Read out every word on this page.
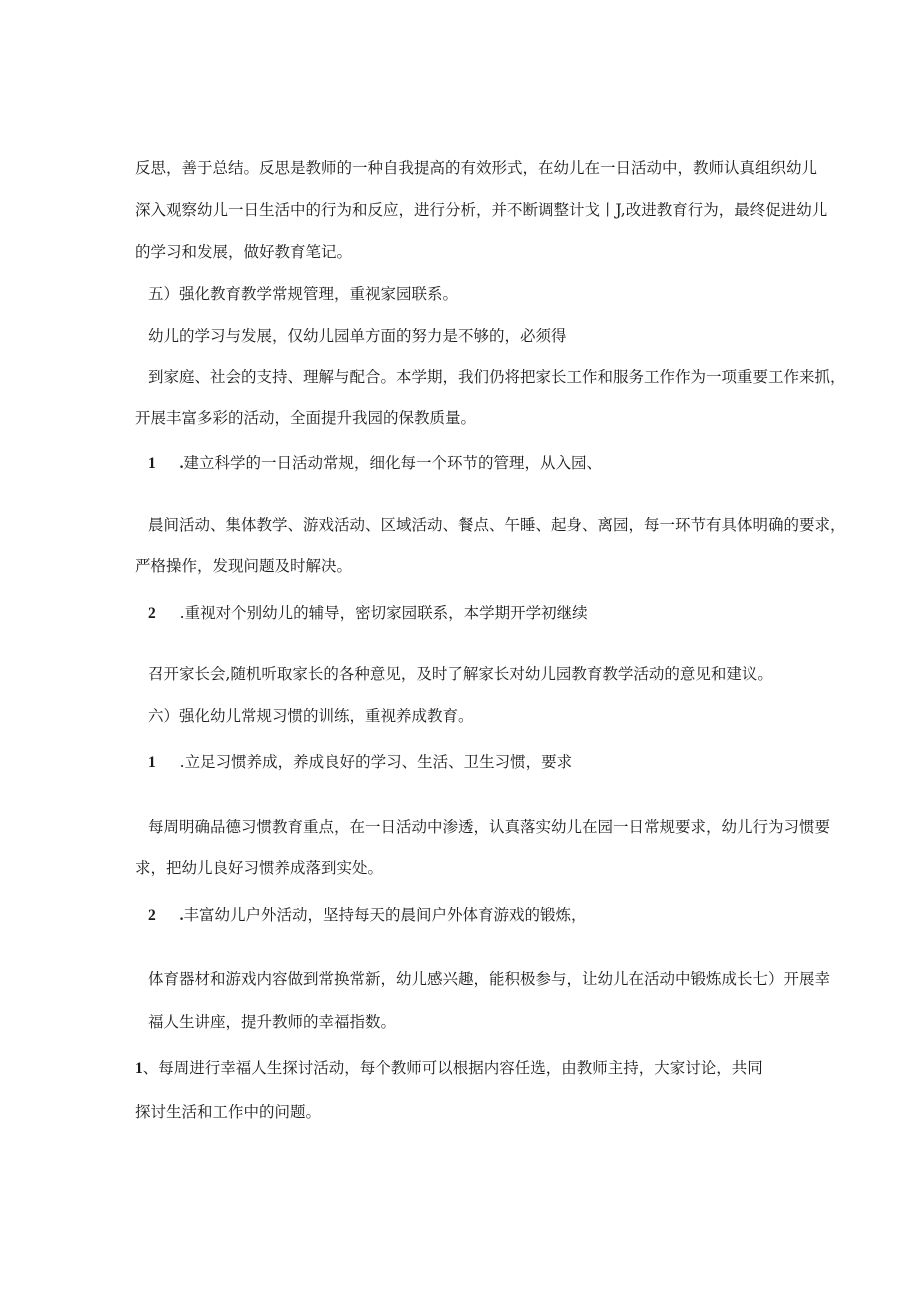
反思，善于总结。反思是教师的一种自我提高的有效形式，在幼儿在一日活动中，教师认真组织幼儿
深入观察幼儿一日生活中的行为和反应，进行分析，并不断调整计戈丨J,改进教育行为，最终促进幼儿
的学习和发展，做好教育笔记。
五）强化教育教学常规管理，重视家园联系。
幼儿的学习与发展，仅幼儿园单方面的努力是不够的，必须得
到家庭、社会的支持、理解与配合。本学期，我们仍将把家长工作和服务工作作为一项重要工作来抓，
开展丰富多彩的活动，全面提升我园的保教质量。
1 .建立科学的一日活动常规，细化每一个环节的管理，从入园、
晨间活动、集体教学、游戏活动、区域活动、餐点、午睡、起身、离园，每一环节有具体明确的要求，
严格操作，发现问题及时解决。
2 .重视对个别幼儿的辅导，密切家园联系，本学期开学初继续
召开家长会,随机听取家长的各种意见，及时了解家长对幼儿园教育教学活动的意见和建议。
六）强化幼儿常规习惯的训练，重视养成教育。
1 .立足习惯养成，养成良好的学习、生活、卫生习惯，要求
每周明确品德习惯教育重点，在一日活动中渗透，认真落实幼儿在园一日常规要求，幼儿行为习惯要
求，把幼儿良好习惯养成落到实处。
2 .丰富幼儿户外活动，坚持每天的晨间户外体育游戏的锻炼，
体育器材和游戏内容做到常换常新，幼儿感兴趣，能积极参与，让幼儿在活动中锻炼成长七）开展幸
福人生讲座，提升教师的幸福指数。
1、每周进行幸福人生探讨活动，每个教师可以根据内容任选，由教师主持，大家讨论，共同
探讨生活和工作中的问题。
